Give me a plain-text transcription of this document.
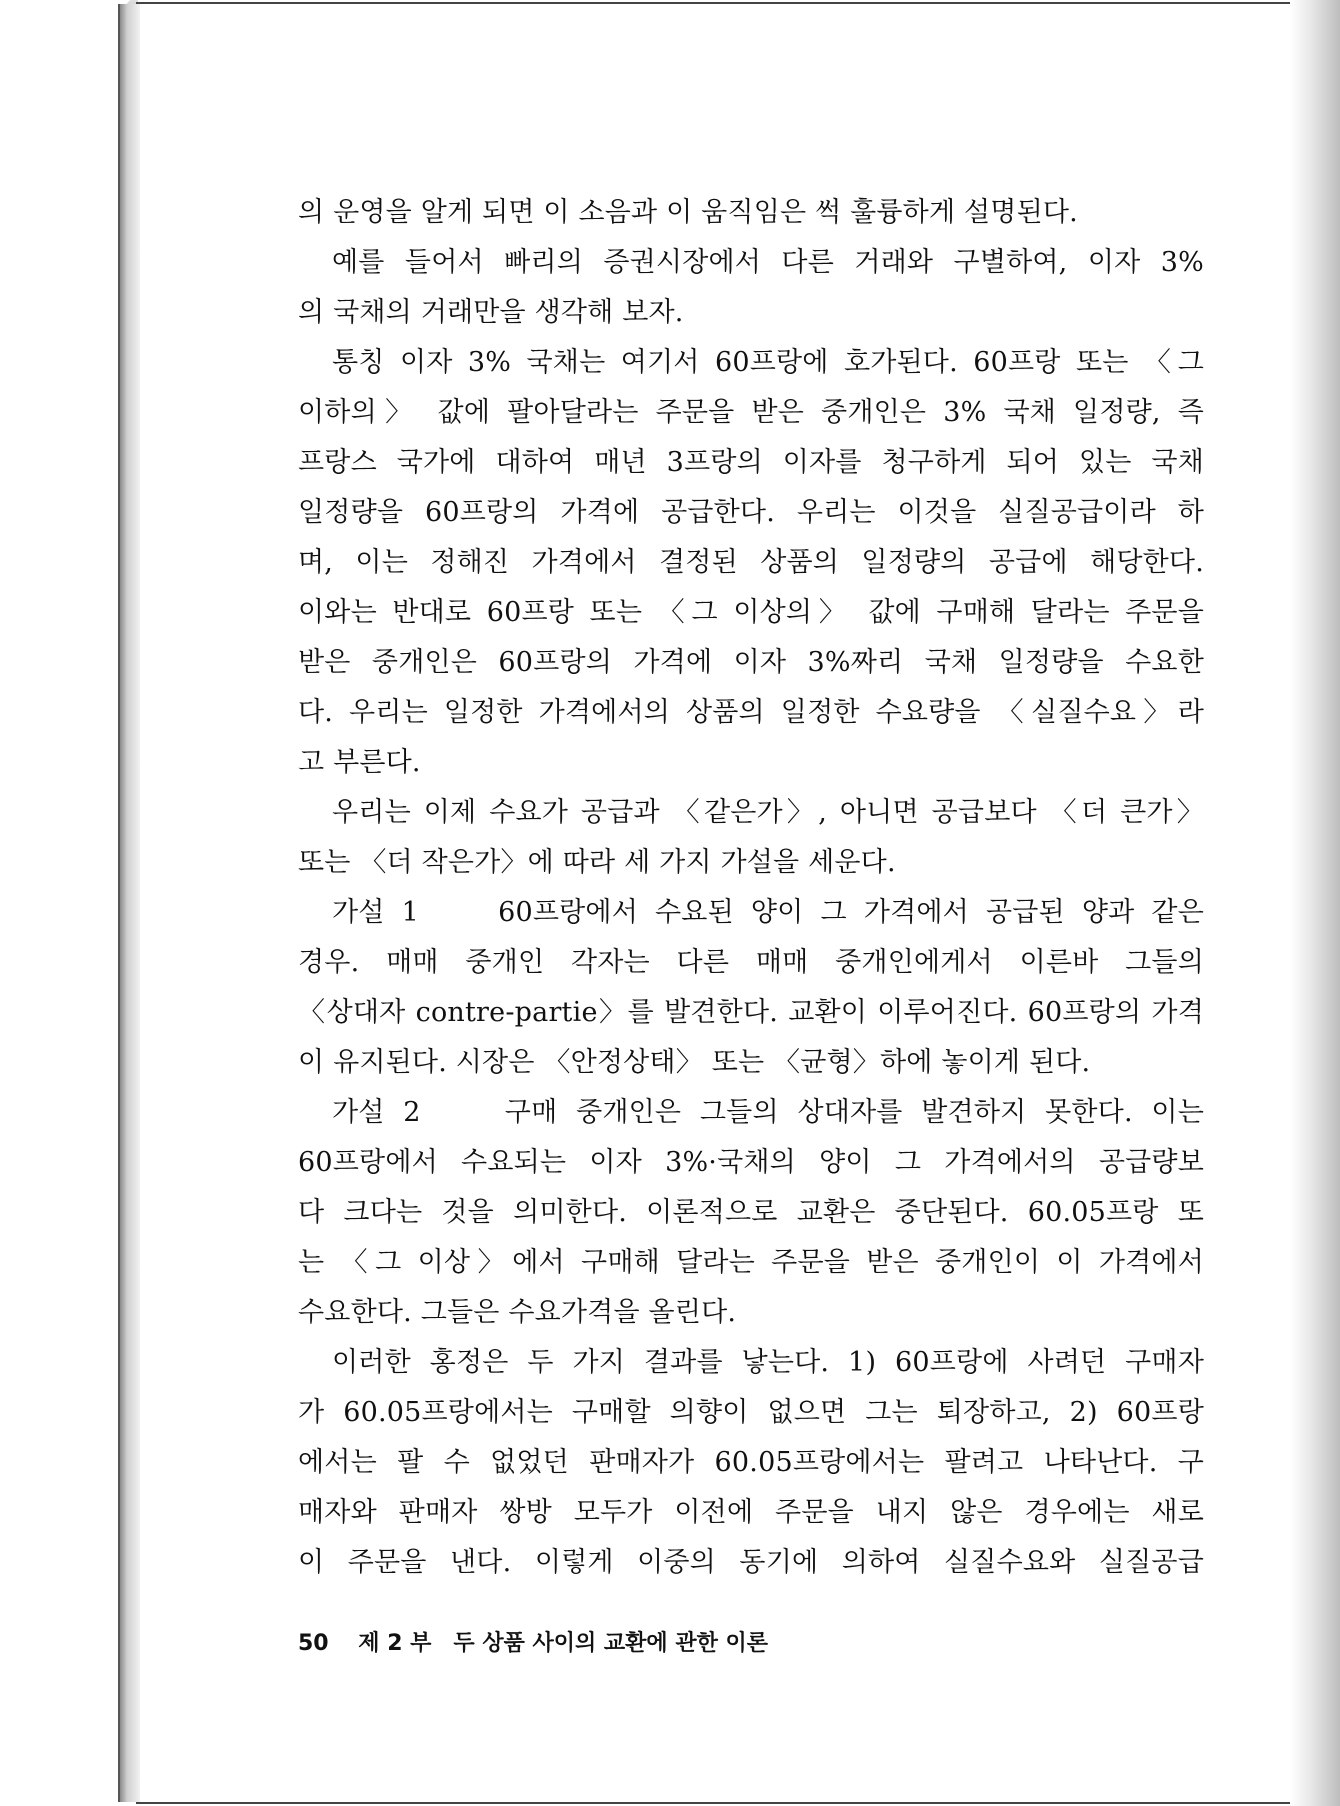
의 운영을 알게 되면 이 소음과 이 움직임은 썩 훌륭하게 설명된다.
예를 들어서 빠리의 증권시장에서 다른 거래와 구별하여, 이자 3%
의 국채의 거래만을 생각해 보자.
통칭 이자 3% 국채는 여기서 60프랑에 호가된다. 60프랑 또는 〈그
이하의〉 값에 팔아달라는 주문을 받은 중개인은 3% 국채 일정량, 즉
프랑스 국가에 대하여 매년 3프랑의 이자를 청구하게 되어 있는 국채
일정량을 60프랑의 가격에 공급한다. 우리는 이것을 실질공급이라 하
며, 이는 정해진 가격에서 결정된 상품의 일정량의 공급에 해당한다.
이와는 반대로 60프랑 또는 〈그 이상의〉 값에 구매해 달라는 주문을
받은 중개인은 60프랑의 가격에 이자 3%짜리 국채 일정량을 수요한
다. 우리는 일정한 가격에서의 상품의 일정한 수요량을 〈실질수요〉라
고 부른다.
우리는 이제 수요가 공급과 〈같은가〉, 아니면 공급보다 〈더 큰가〉
또는 〈더 작은가〉에 따라 세 가지 가설을 세운다.
가설 1　　60프랑에서 수요된 양이 그 가격에서 공급된 양과 같은
경우. 매매 중개인 각자는 다른 매매 중개인에게서 이른바 그들의
〈상대자 contre-partie〉를 발견한다. 교환이 이루어진다. 60프랑의 가격
이 유지된다. 시장은 〈안정상태〉 또는 〈균형〉하에 놓이게 된다.
가설 2　　구매 중개인은 그들의 상대자를 발견하지 못한다. 이는
60프랑에서 수요되는 이자 3%·국채의 양이 그 가격에서의 공급량보
다 크다는 것을 의미한다. 이론적으로 교환은 중단된다. 60.05프랑 또
는 〈그 이상〉에서 구매해 달라는 주문을 받은 중개인이 이 가격에서
수요한다. 그들은 수요가격을 올린다.
이러한 홍정은 두 가지 결과를 낳는다. 1) 60프랑에 사려던 구매자
가 60.05프랑에서는 구매할 의향이 없으면 그는 퇴장하고, 2) 60프랑
에서는 팔 수 없었던 판매자가 60.05프랑에서는 팔려고 나타난다. 구
매자와 판매자 쌍방 모두가 이전에 주문을 내지 않은 경우에는 새로
이 주문을 낸다. 이렇게 이중의 동기에 의하여 실질수요와 실질공급
50 제 2 부　두 상품 사이의 교환에 관한 이론
